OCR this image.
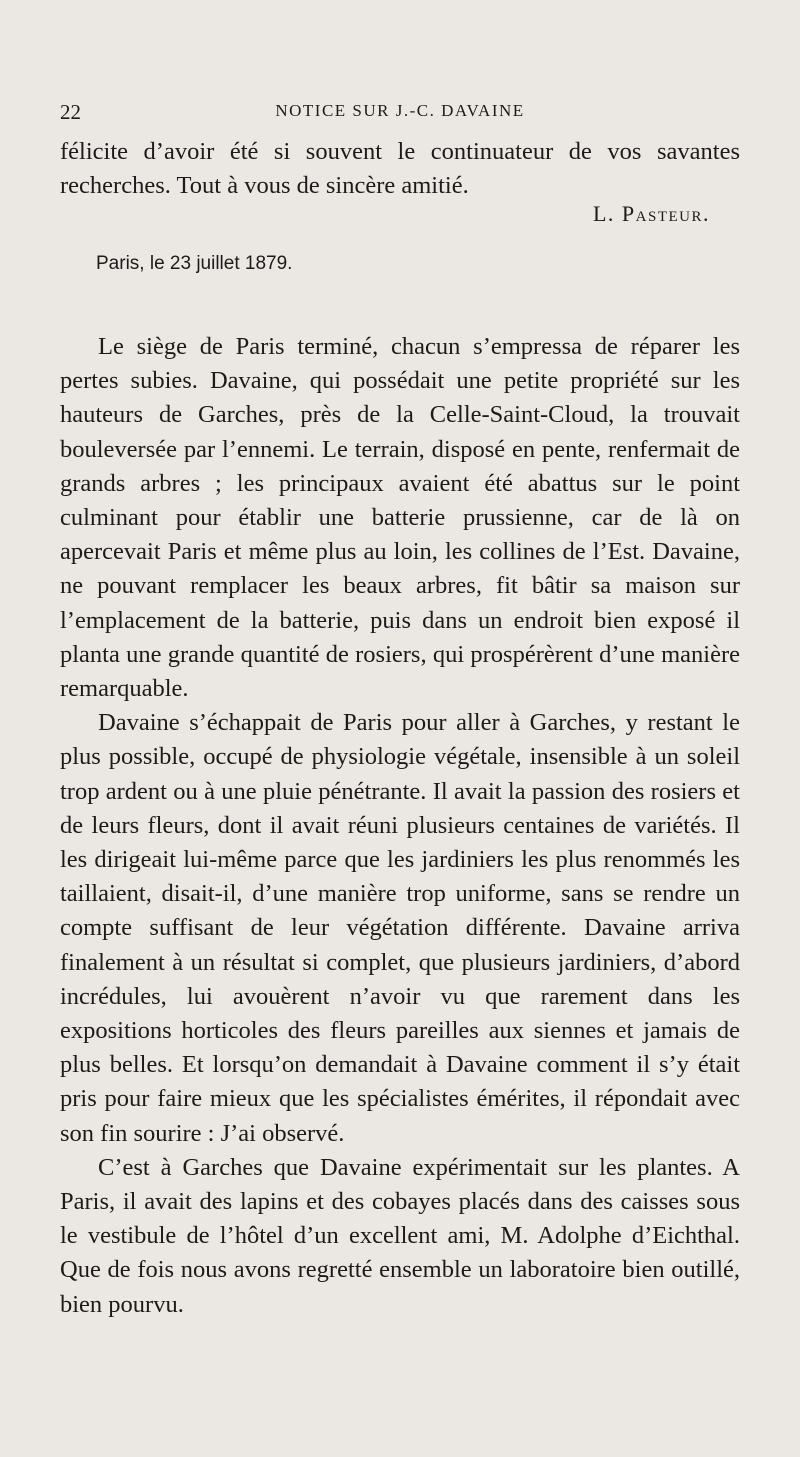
22	NOTICE SUR J.-C. DAVAINE

félicite d’avoir été si souvent le continuateur de vos savantes recherches. Tout à vous de sincère amitié.

L. Pasteur.
Paris, le 23 juillet 1879.

Le siège de Paris terminé, chacun s’empressa de réparer les pertes subies. Davaine, qui possédait une petite propriété sur les hauteurs de Garches, près de la Celle-Saint-Cloud, la trouvait bouleversée par l’ennemi. Le terrain, disposé en pente, renfermait de grands arbres ; les principaux avaient été abattus sur le point culminant pour établir une batterie prussienne, car de là on apercevait Paris et même plus au loin, les collines de l’Est. Davaine, ne pouvant remplacer les beaux arbres, fit bâtir sa maison sur l’emplacement de la batterie, puis dans un endroit bien exposé il planta une grande quantité de rosiers, qui prospérèrent d’une manière remarquable.

Davaine s’échappait de Paris pour aller à Garches, y restant le plus possible, occupé de physiologie végétale, insensible à un soleil trop ardent ou à une pluie pénétrante. Il avait la passion des rosiers et de leurs fleurs, dont il avait réuni plusieurs centaines de variétés. Il les dirigeait lui-même parce que les jardiniers les plus renommés les taillaient, disait-il, d’une manière trop uniforme, sans se rendre un compte suffisant de leur végétation différente. Davaine arriva finalement à un résultat si complet, que plusieurs jardiniers, d’abord incrédules, lui avouèrent n’avoir vu que rarement dans les expositions horticoles des fleurs pareilles aux siennes et jamais de plus belles. Et lorsqu’on demandait à Davaine comment il s’y était pris pour faire mieux que les spécialistes émérites, il répondait avec son fin sourire : J’ai observé.

C’est à Garches que Davaine expérimentait sur les plantes. A Paris, il avait des lapins et des cobayes placés dans des caisses sous le vestibule de l’hôtel d’un excellent ami, M. Adolphe d’Eichthal. Que de fois nous avons regretté ensemble un laboratoire bien outillé, bien pourvu.
